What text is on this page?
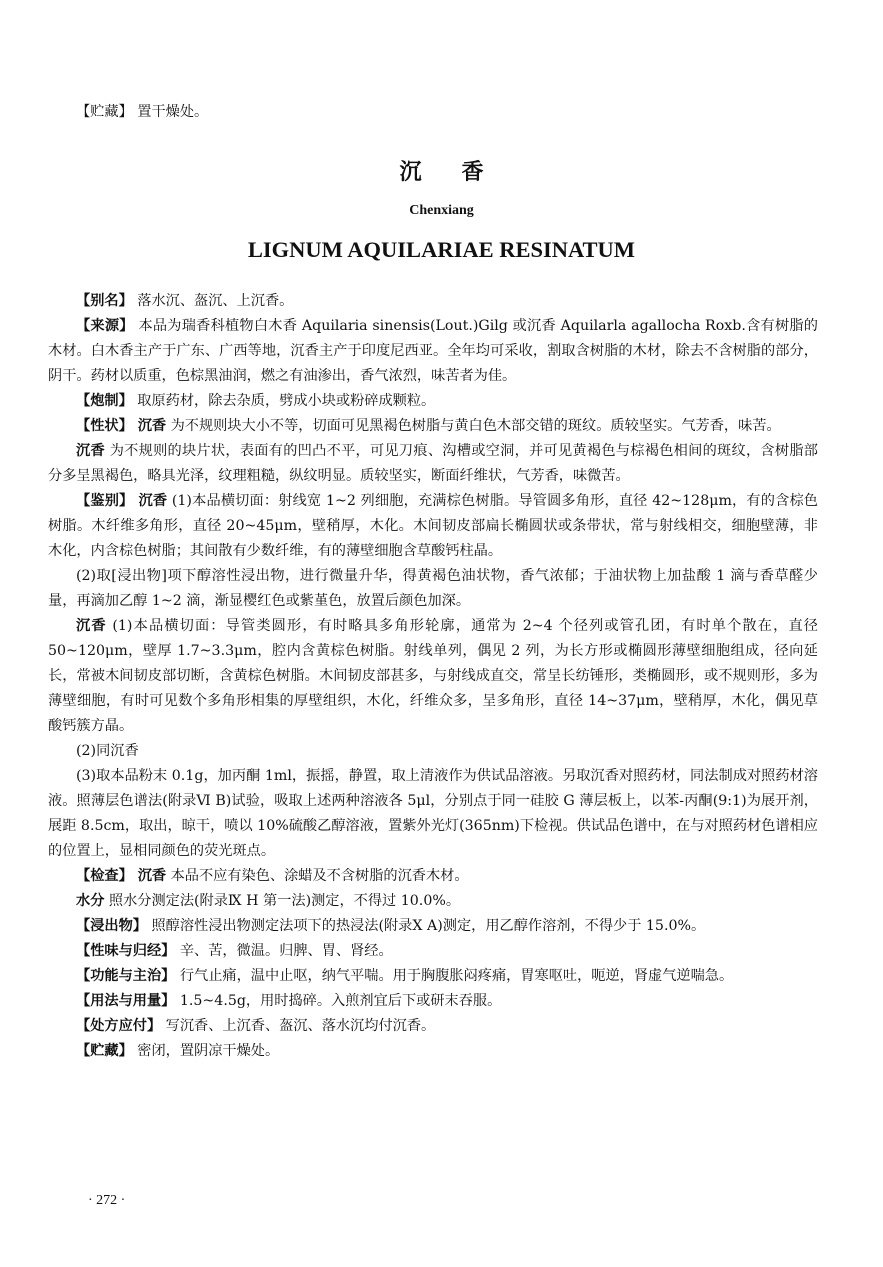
【贮藏】 置干燥处。
沉香
Chenxiang
LIGNUM AQUILARIAE RESINATUM

【别名】 落水沉、盔沉、上沉香。

【来源】 本品为瑞香科植物白木香 Aquilaria sinensis(Lout.)Gilg 或沉香 Aquilarla agallocha Roxb.含有树脂的木材。白木香主产于广东、广西等地，沉香主产于印度尼西亚。全年均可采收，割取含树脂的木材，除去不含树脂的部分，阴干。药材以质重，色棕黑油润，燃之有油渗出，香气浓烈，味苦者为佳。

【炮制】 取原药材，除去杂质，劈成小块或粉碎成颗粒。

【性状】 沉香 为不规则块大小不等，切面可见黑褐色树脂与黄白色木部交错的斑纹。质较坚实。气芳香，味苦。

沉香 为不规则的块片状，表面有的凹凸不平，可见刀痕、沟槽或空洞，并可见黄褐色与棕褐色相间的斑纹，含树脂部分多呈黑褐色，略具光泽，纹理粗糙，纵纹明显。质较坚实，断面纤维状，气芳香，味微苦。

【鉴别】 沉香 (1)本品横切面：射线宽 1~2 列细胞，充满棕色树脂。导管圆多角形，直径 42~128μm，有的含棕色树脂。木纤维多角形，直径 20~45μm，壁稍厚，木化。木间韧皮部扁长椭圆状或条带状，常与射线相交，细胞壁薄，非木化，内含棕色树脂；其间散有少数纤维，有的薄壁细胞含草酸钙柱晶。

(2)取[浸出物]项下醇溶性浸出物，进行微量升华，得黄褐色油状物，香气浓郁；于油状物上加盐酸 1 滴与香草醛少量，再滴加乙醇 1~2 滴，渐显樱红色或紫堇色，放置后颜色加深。

沉香 (1)本品横切面：导管类圆形，有时略具多角形轮廓，通常为 2~4 个径列或管孔团，有时单个散在，直径 50~120μm，壁厚 1.7~3.3μm，腔内含黄棕色树脂。射线单列，偶见 2 列，为长方形或椭圆形薄壁细胞组成，径向延长，常被木间韧皮部切断，含黄棕色树脂。木间韧皮部甚多，与射线成直交，常呈长纺锤形，类椭圆形，或不规则形，多为薄壁细胞，有时可见数个多角形相集的厚壁组织，木化，纤维众多，呈多角形，直径 14~37μm，壁稍厚，木化，偶见草酸钙簇方晶。

(2)同沉香

(3)取本品粉末 0.1g，加丙酮 1ml，振摇，静置，取上清液作为供试品溶液。另取沉香对照药材，同法制成对照药材溶液。照薄层色谱法(附录Ⅵ B)试验，吸取上述两种溶液各 5μl，分别点于同一硅胶 G 薄层板上，以苯-丙酮(9:1)为展开剂，展距 8.5cm，取出，晾干，喷以 10%硫酸乙醇溶液，置紫外光灯(365nm)下检视。供试品色谱中，在与对照药材色谱相应的位置上，显相同颜色的荧光斑点。

【检查】 沉香 本品不应有染色、涂蜡及不含树脂的沉香木材。

水分 照水分测定法(附录Ⅸ H 第一法)测定，不得过 10.0%。

【浸出物】 照醇溶性浸出物测定法项下的热浸法(附录Ⅹ A)测定，用乙醇作溶剂，不得少于 15.0%。

【性味与归经】 辛、苦，微温。归脾、胃、肾经。

【功能与主治】 行气止痛，温中止呕，纳气平喘。用于胸腹胀闷疼痛，胃寒呕吐，呃逆，肾虚气逆喘急。

【用法与用量】 1.5~4.5g，用时捣碎。入煎剂宜后下或研末吞服。

【处方应付】 写沉香、上沉香、盔沉、落水沉均付沉香。

【贮藏】 密闭，置阴凉干燥处。

· 272 ·
